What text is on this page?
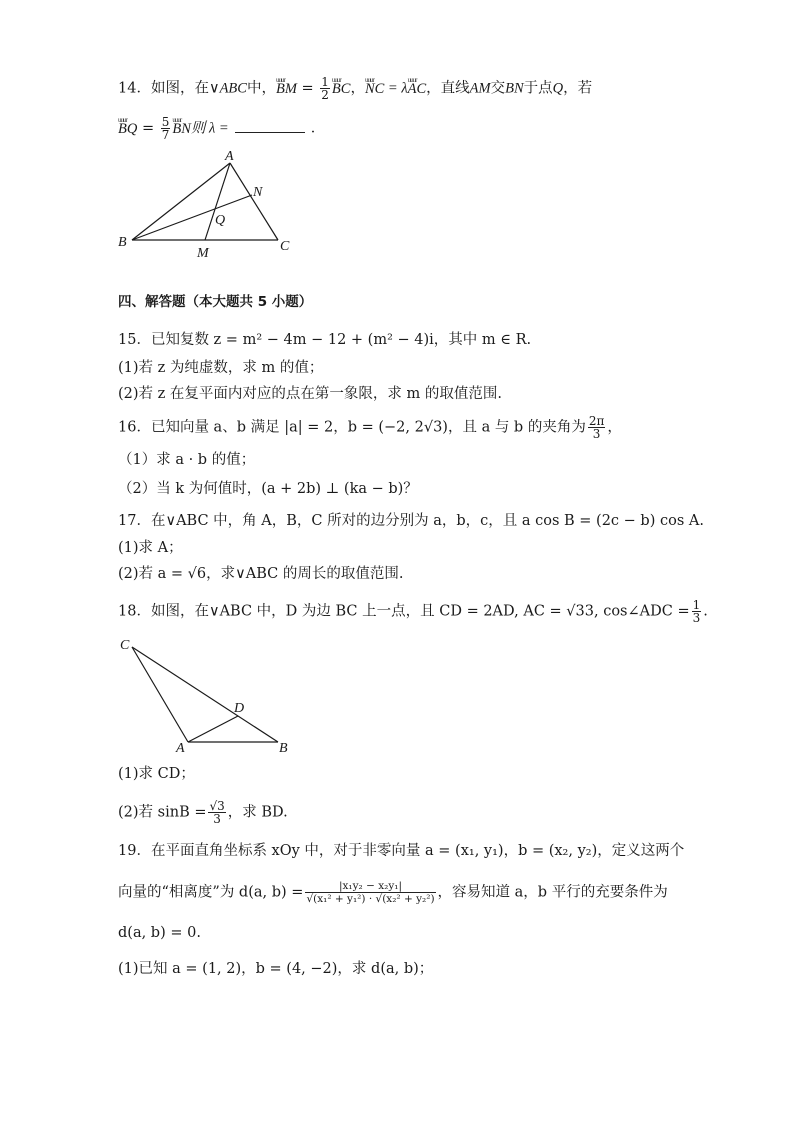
14．如图，在∨ABC中，uuur BM = $\frac{1}{2}$ uuur BC，uuur NC = λuuur AC，直线AM交BN于点Q，若
uuur BQ = $\frac{5}{7}$ uuur BN则 λ =	．
A
N
Q
B
M	C
四、解答题（本大题共 5 小题）
15．已知复数 z = m² − 4m − 12 + (m² − 4)i，其中 m ∈ R.
(1)若 z 为纯虚数，求 m 的值；
(2)若 z 在复平面内对应的点在第一象限，求 m 的取值范围.
16．已知向量 a、b 满足 |a| = 2，b = (−2, 2√3)，且 a 与 b 的夹角为 $\frac{2\pi}{3}$ ，
（1）求 a · b 的值；
（2）当 k 为何值时，(a + 2b) ⊥ (ka − b)？
17．在∨ABC 中，角 A，B，C 所对的边分别为 a，b，c，且 a cos B = (2c − b) cos A.
(1)求 A；
(2)若 a = √6，求∨ABC 的周长的取值范围.
18．如图，在∨ABC 中，D 为边 BC 上一点，且 CD = 2AD, AC = √33, cos∠ADC = $\frac{1}{3}$ .
C
D
A	B
(1)求 CD；
(2)若 $\sin B = \frac{√3}{3}$ ，求 BD.
19．在平面直角坐标系 xOy 中，对于非零向量 a = (x₁, y₁)，b = (x₂, y₂)，定义这两个
向量的“相离度”为 d(a, $b) = \frac{\text{|x₁y₂ − x₂y₁|}}{\text{√(x₁² + y₁²) · √(x₂² + y₂²)}}$ ，容易知道 a，b 平行的充要条件为
d(a, b) = 0.
(1)已知 a = (1, 2)，b = (4, −2)，求 d(a, b)；
